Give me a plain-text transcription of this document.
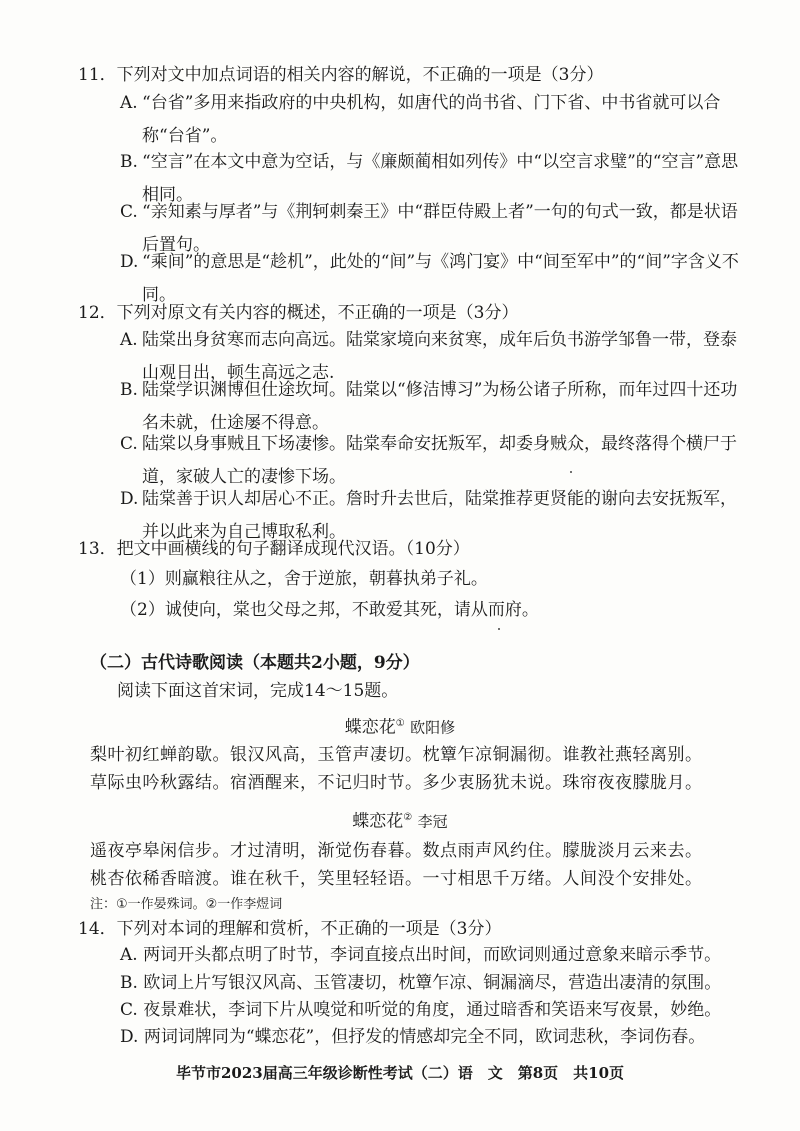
11．下列对文中加点词语的相关内容的解说，不正确的一项是（3分）
A. “台省”多用来指政府的中央机构，如唐代的尚书省、门下省、中书省就可以合称“台省”。
B. “空言”在本文中意为空话，与《廉颇蔺相如列传》中“以空言求璧”的“空言”意思相同。
C. “亲知素与厚者”与《荆轲刺秦王》中“群臣侍殿上者”一句的句式一致，都是状语后置句。
D. “乘间”的意思是“趁机”，此处的“间”与《鸿门宴》中“间至军中”的“间”字含义不同。
12．下列对原文有关内容的概述，不正确的一项是（3分）
A. 陆棠出身贫寒而志向高远。陆棠家境向来贫寒，成年后负书游学邹鲁一带，登泰山观日出，顿生高远之志.
B. 陆棠学识渊博但仕途坎坷。陆棠以“修洁博习”为杨公诸子所称，而年过四十还功名未就，仕途屡不得意。
C. 陆棠以身事贼且下场凄惨。陆棠奉命安抚叛军，却委身贼众，最终落得个横尸于道，家破人亡的凄惨下场。
D. 陆棠善于识人却居心不正。詹时升去世后，陆棠推荐更贤能的谢向去安抚叛军，并以此来为自己博取私利。
13．把文中画横线的句子翻译成现代汉语。（10分）
（1）则赢粮往从之，舍于逆旅，朝暮执弟子礼。
（2）诚使向，棠也父母之邦，不敢爱其死，请从而府。
（二）古代诗歌阅读（本题共2小题，9分）
阅读下面这首宋词，完成14～15题。
蝶恋花① 欧阳修
梨叶初红蝉韵歇。银汉风高，玉管声凄切。枕簟乍凉铜漏彻。谁教社燕轻离别。
草际虫吟秋露结。宿酒醒来，不记归时节。多少衷肠犹未说。珠帘夜夜朦胧月。
蝶恋花② 李冠
遥夜亭皋闲信步。才过清明，渐觉伤春暮。数点雨声风约住。朦胧淡月云来去。
桃杏依稀香暗渡。谁在秋千，笑里轻轻语。一寸相思千万绪。人间没个安排处。
注：①一作晏殊词。②一作李煜词
14．下列对本词的理解和赏析，不正确的一项是（3分）
A. 两词开头都点明了时节，李词直接点出时间，而欧词则通过意象来暗示季节。
B. 欧词上片写银汉风高、玉管凄切，枕簟乍凉、铜漏滴尽，营造出凄清的氛围。
C. 夜景难状，李词下片从嗅觉和听觉的角度，通过暗香和笑语来写夜景，妙绝。
D. 两词词牌同为“蝶恋花”，但抒发的情感却完全不同，欧词悲秋，李词伤春。
毕节市2023届高三年级诊断性考试（二）语　文　第8页　共10页
